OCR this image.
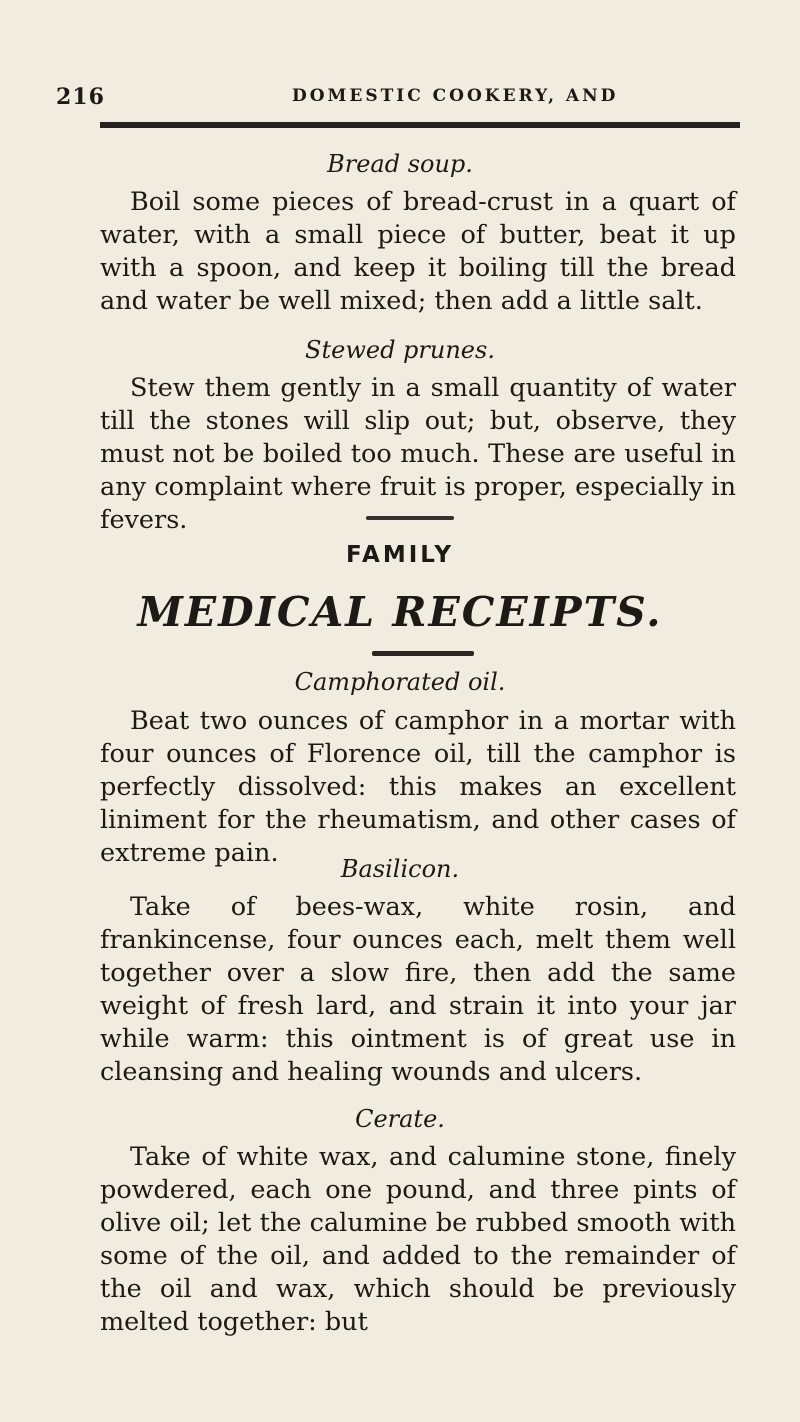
216	DOMESTIC COOKERY, AND
Bread soup.
Boil some pieces of bread-crust in a quart of water, with a small piece of butter, beat it up with a spoon, and keep it boiling till the bread and water be well mixed; then add a little salt.
Stewed prunes.
Stew them gently in a small quantity of water till the stones will slip out; but, observe, they must not be boiled too much. These are useful in any complaint where fruit is proper, especially in fevers.
FAMILY
MEDICAL RECEIPTS.
Camphorated oil.
Beat two ounces of camphor in a mortar with four ounces of Florence oil, till the camphor is perfectly dissolved: this makes an excellent liniment for the rheumatism, and other cases of extreme pain.
Basilicon.
Take of bees-wax, white rosin, and frankincense, four ounces each, melt them well together over a slow fire, then add the same weight of fresh lard, and strain it into your jar while warm: this ointment is of great use in cleansing and healing wounds and ulcers.
Cerate.
Take of white wax, and calumine stone, finely powdered, each one pound, and three pints of olive oil; let the calumine be rubbed smooth with some of the oil, and added to the remainder of the oil and wax, which should be previously melted together: but
